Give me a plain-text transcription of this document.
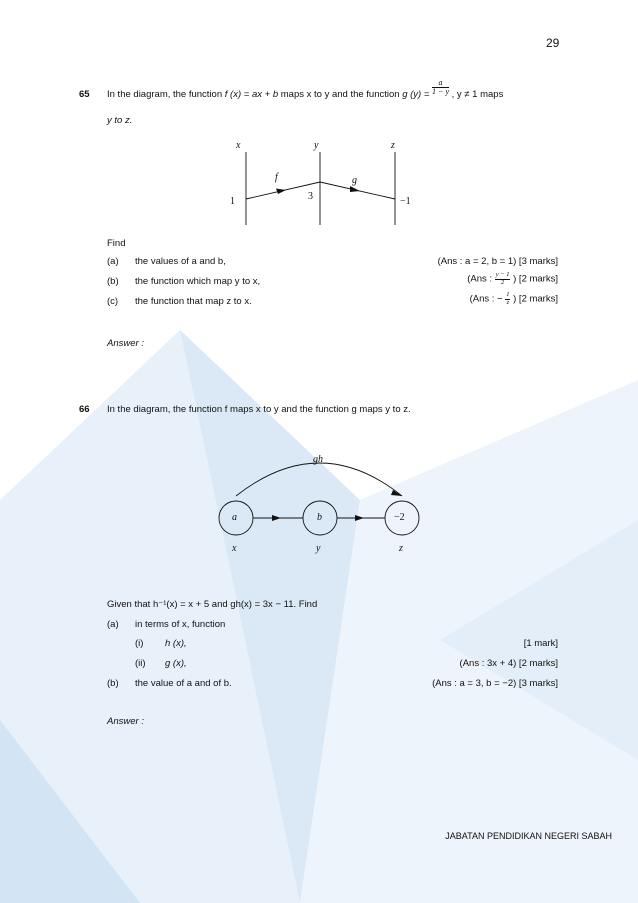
29
65 In the diagram, the function f (x) = ax + b maps x to y and the function g $(y) = \frac{a}{1 - y}$ , y ≠ 1 maps
y to z.
x	y	z
f	g
1	3	−1
Find
(a) the values of a and b,	(Ans : a = 2, b = 1) [3 marks]
(b) the function which map y to x,	(Ans : $\frac{y - 1}{2}$ ) [2 marks]
(c) the function that map z to x.	(Ans : − $\frac{1}{z}$ ) [2 marks]
Answer :
66 In the diagram, the function f maps x to y and the function g maps y to z.
gh
a	b	−2
x	y	z
Given that h⁻¹(x) = x + 5 and gh(x) = 3x − 11. Find
(a) in terms of x, function
(i) h (x),	[1 mark]
(ii) g (x),	(Ans : 3x + 4) [2 marks]
(b) the value of a and of b.	(Ans : a = 3, b = −2) [3 marks]
Answer :
JABATAN PENDIDIKAN NEGERI SABAH
